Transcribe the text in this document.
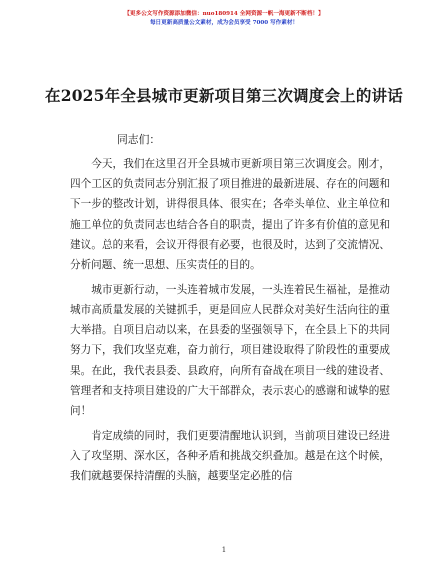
【更多公文写作资源添加微信：nuo180914 全网资源一帆一海更新不断档！】
每日更新高质量公文素材，成为会员享受 7000 写作素材！
在2025年全县城市更新项目第三次调度会上的讲话
同志们：

今天，我们在这里召开全县城市更新项目第三次调度会。刚才，四个工区的负责同志分别汇报了项目推进的最新进展、存在的问题和下一步的整改计划，讲得很具体、很实在；各牵头单位、业主单位和施工单位的负责同志也结合各自的职责，提出了许多有价值的意见和建议。总的来看，会议开得很有必要，也很及时，达到了交流情况、分析问题、统一思想、压实责任的目的。

城市更新行动，一头连着城市发展，一头连着民生福祉，是推动城市高质量发展的关键抓手，更是回应人民群众对美好生活向往的重大举措。自项目启动以来，在县委的坚强领导下，在全县上下的共同努力下，我们攻坚克难，奋力前行，项目建设取得了阶段性的重要成果。在此，我代表县委、县政府，向所有奋战在项目一线的建设者、管理者和支持项目建设的广大干部群众，表示衷心的感谢和诚挚的慰问！

肯定成绩的同时，我们更要清醒地认识到，当前项目建设已经进入了攻坚期、深水区，各种矛盾和挑战交织叠加。越是在这个时候，我们就越要保持清醒的头脑，越要坚定必胜的信

1
